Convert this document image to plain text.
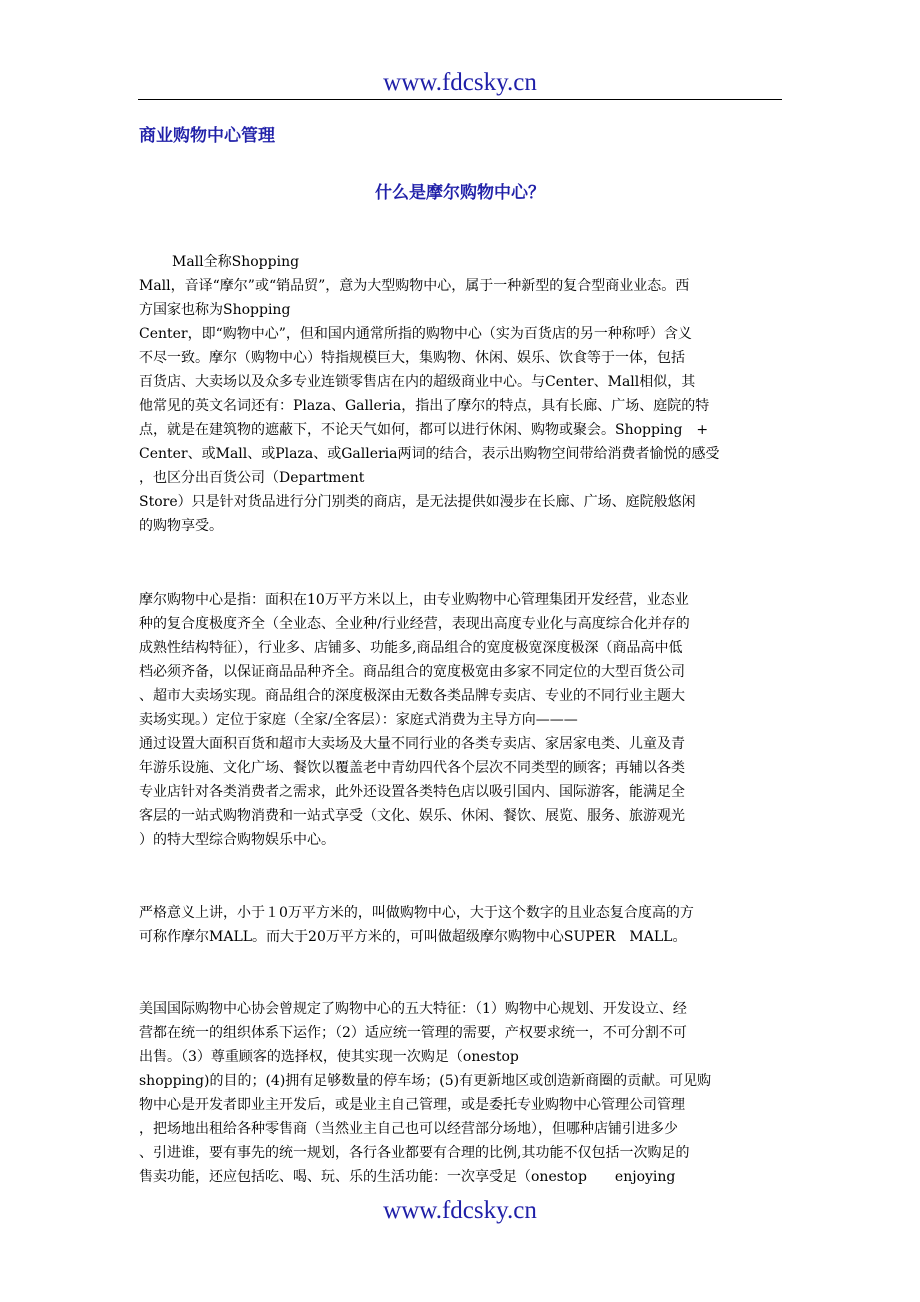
www.fdcsky.cn
商业购物中心管理
什么是摩尔购物中心？
Mall全称Shopping
Mall，音译“摩尔”或“销品贸”，意为大型购物中心，属于一种新型的复合型商业业态。西
方国家也称为Shopping
Center，即“购物中心”，但和国内通常所指的购物中心（实为百货店的另一种称呼）含义
不尽一致。摩尔（购物中心）特指规模巨大，集购物、休闲、娱乐、饮食等于一体，包括
百货店、大卖场以及众多专业连锁零售店在内的超级商业中心。与Center、Mall相似，其
他常见的英文名词还有：Plaza、Galleria，指出了摩尔的特点，具有长廊、广场、庭院的特
点，就是在建筑物的遮蔽下，不论天气如何，都可以进行休闲、购物或聚会。Shopping　+
Center、或Mall、或Plaza、或Galleria两词的结合，表示出购物空间带给消费者愉悦的感受
，也区分出百货公司（Department
Store）只是针对货品进行分门别类的商店，是无法提供如漫步在长廊、广场、庭院般悠闲
的购物享受。
摩尔购物中心是指：面积在10万平方米以上，由专业购物中心管理集团开发经营，业态业
种的复合度极度齐全（全业态、全业种/行业经营，表现出高度专业化与高度综合化并存的
成熟性结构特征），行业多、店铺多、功能多,商品组合的宽度极宽深度极深（商品高中低
档必须齐备，以保证商品品种齐全。商品组合的宽度极宽由多家不同定位的大型百货公司
、超市大卖场实现。商品组合的深度极深由无数各类品牌专卖店、专业的不同行业主题大
卖场实现。）定位于家庭（全家/全客层）：家庭式消费为主导方向———
通过设置大面积百货和超市大卖场及大量不同行业的各类专卖店、家居家电类、儿童及青
年游乐设施、文化广场、餐饮以覆盖老中青幼四代各个层次不同类型的顾客；再辅以各类
专业店针对各类消费者之需求，此外还设置各类特色店以吸引国内、国际游客，能满足全
客层的一站式购物消费和一站式享受（文化、娱乐、休闲、餐饮、展览、服务、旅游观光
）的特大型综合购物娱乐中心。
严格意义上讲，小于１0万平方米的，叫做购物中心，大于这个数字的且业态复合度高的方
可称作摩尔MALL。而大于20万平方米的，可叫做超级摩尔购物中心SUPER　MALL。
美国国际购物中心协会曾规定了购物中心的五大特征：（1）购物中心规划、开发设立、经
营都在统一的组织体系下运作；（2）适应统一管理的需要，产权要求统一，不可分割不可
出售。（3）尊重顾客的选择权，使其实现一次购足（onestop
shopping)的目的；(4)拥有足够数量的停车场；(5)有更新地区或创造新商圈的贡献。可见购
物中心是开发者即业主开发后，或是业主自己管理，或是委托专业购物中心管理公司管理
，把场地出租给各种零售商（当然业主自己也可以经营部分场地），但哪种店铺引进多少
、引进谁，要有事先的统一规划，各行各业都要有合理的比例,其功能不仅包括一次购足的
售卖功能，还应包括吃、喝、玩、乐的生活功能：一次享受足（onestop　　enjoying
www.fdcsky.cn
